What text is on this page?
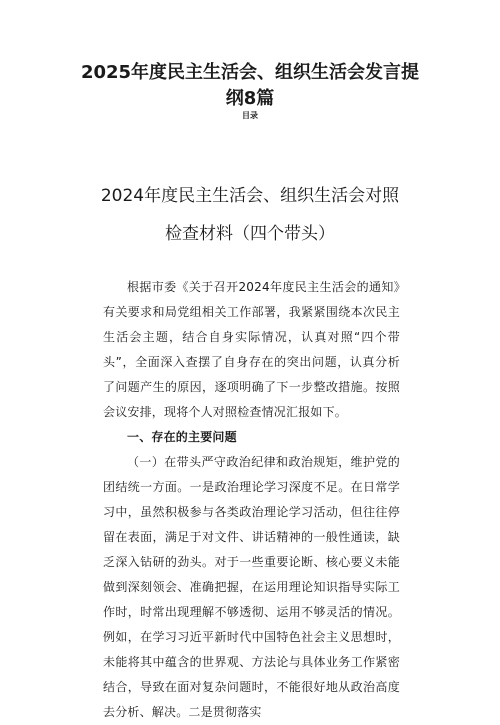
2025年度民主生活会、组织生活会发言提纲8篇
目录
2024年度民主生活会、组织生活会对照检查材料（四个带头）

根据市委《关于召开2024年度民主生活会的通知》有关要求和局党组相关工作部署，我紧紧围绕本次民主生活会主题，结合自身实际情况，认真对照“四个带头”，全面深入查摆了自身存在的突出问题，认真分析了问题产生的原因，逐项明确了下一步整改措施。按照会议安排，现将个人对照检查情况汇报如下。

一、存在的主要问题

（一）在带头严守政治纪律和政治规矩，维护党的团结统一方面。一是政治理论学习深度不足。在日常学习中，虽然积极参与各类政治理论学习活动，但往往停留在表面，满足于对文件、讲话精神的一般性通读，缺乏深入钻研的劲头。对于一些重要论断、核心要义未能做到深刻领会、准确把握，在运用理论知识指导实际工作时，时常出现理解不够透彻、运用不够灵活的情况。例如，在学习习近平新时代中国特色社会主义思想时，未能将其中蕴含的世界观、方法论与具体业务工作紧密结合，导致在面对复杂问题时，不能很好地从政治高度去分析、解决。二是贯彻落实
